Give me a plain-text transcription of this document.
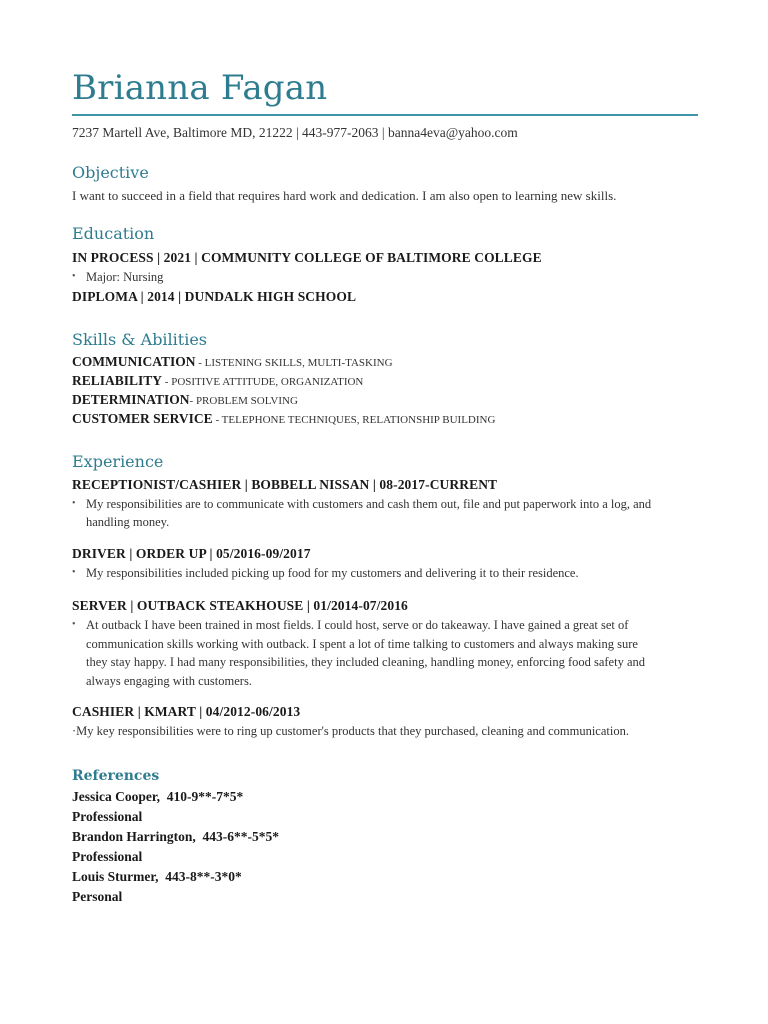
Brianna Fagan
7237 Martell Ave, Baltimore MD, 21222 | 443-977-2063 | banna4eva@yahoo.com
Objective
I want to succeed in a field that requires hard work and dedication. I am also open to learning new skills.
Education
IN PROCESS | 2021 | COMMUNITY COLLEGE OF BALTIMORE COLLEGE
• Major: Nursing
DIPLOMA | 2014 | DUNDALK HIGH SCHOOL
Skills & Abilities
COMMUNICATION - LISTENING SKILLS, MULTI-TASKING
RELIABILITY - POSITIVE ATTITUDE, ORGANIZATION
DETERMINATION- PROBLEM SOLVING
CUSTOMER SERVICE - TELEPHONE TECHNIQUES, RELATIONSHIP BUILDING
Experience
RECEPTIONIST/CASHIER | BOBBELL NISSAN | 08-2017-CURRENT
• My responsibilities are to communicate with customers and cash them out, file and put paperwork into a log, and
handling money.
DRIVER | ORDER UP | 05/2016-09/2017
• My responsibilities included picking up food for my customers and delivering it to their residence.
SERVER | OUTBACK STEAKHOUSE | 01/2014-07/2016
• At outback I have been trained in most fields. I could host, serve or do takeaway. I have gained a great set of
communication skills working with outback. I spent a lot of time talking to customers and always making sure
they stay happy. I had many responsibilities, they included cleaning, handling money, enforcing food safety and
always engaging with customers.
CASHIER | KMART | 04/2012-06/2013
·My key responsibilities were to ring up customer's products that they purchased, cleaning and communication.
References
Jessica Cooper, 410-9**-7*5*
Professional
Brandon Harrington, 443-6**-5*5*
Professional
Louis Sturmer, 443-8**-3*0*
Personal
